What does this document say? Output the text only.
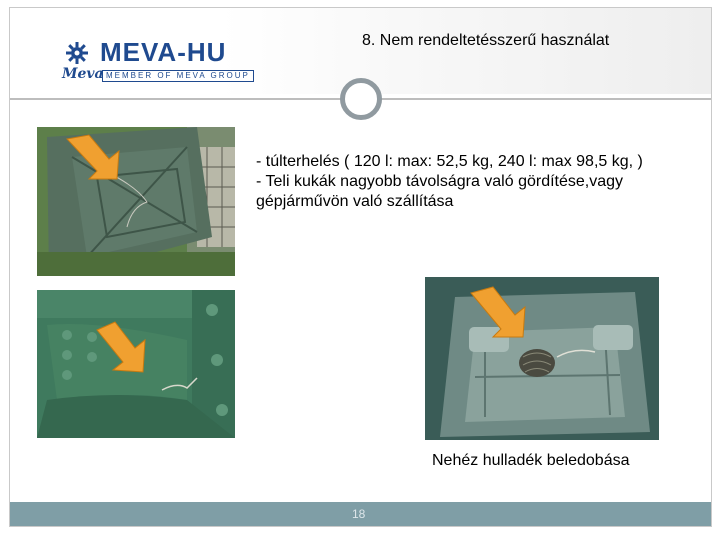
MEVA-HU
MEMBER OF MEVA GROUP
Meva
8. Nem rendeltetésszerű használat
- túlterhelés ( 120 l: max: 52,5 kg, 240 l: max 98,5 kg, )
- Teli kukák nagyobb távolságra való gördítése,vagy
gépjárművön való szállítása
Nehéz hulladék beledobása
18
